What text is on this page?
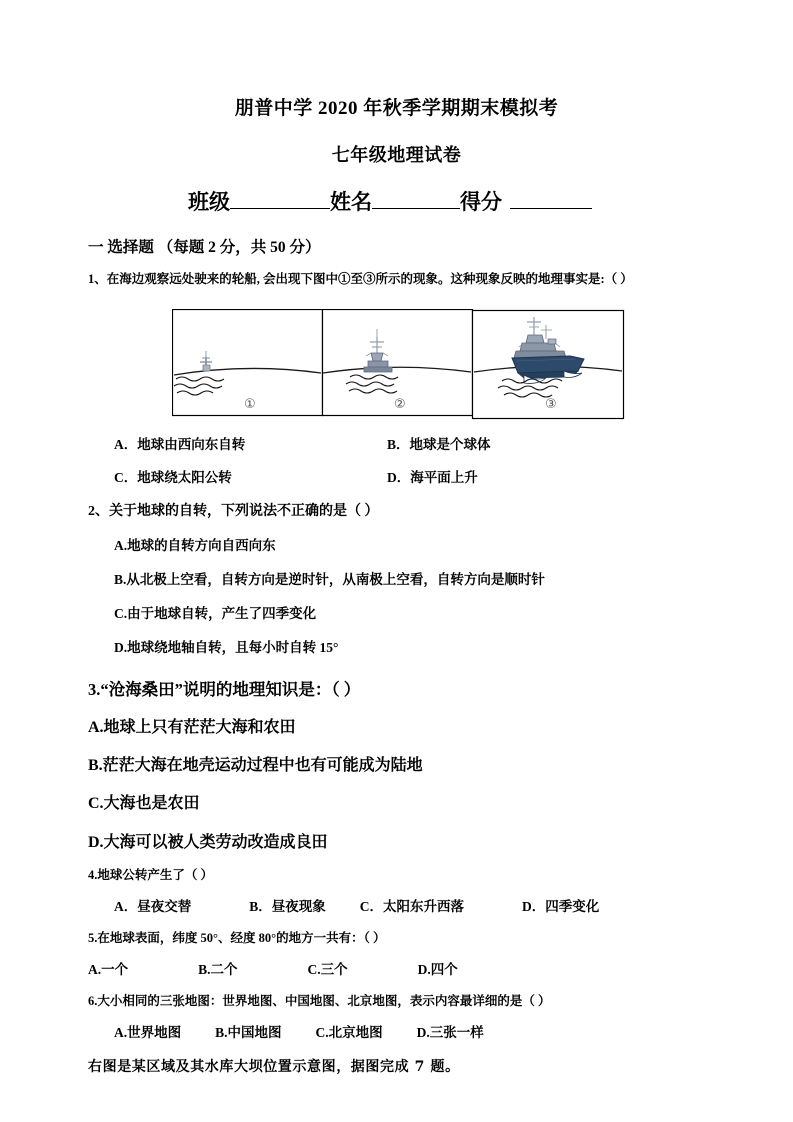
朋普中学 2020 年秋季学期期末模拟考
七年级地理试卷
班级	姓名	得分
一 选择题 （每题 2 分，共 50 分）
1、在海边观察远处驶来的轮船, 会出现下图中①至③所示的现象。这种现象反映的地理事实是:（ ）
①	②	③
A．地球由西向东自转	B．地球是个球体
C．地球绕太阳公转	D．海平面上升
2、关于地球的自转，下列说法不正确的是（ ）
A.地球的自转方向自西向东
B.从北极上空看，自转方向是逆时针，从南极上空看，自转方向是顺时针
C.由于地球自转，产生了四季变化
D.地球绕地轴自转，且每小时自转 15°
3.“沧海桑田”说明的地理知识是：（ ）
A.地球上只有茫茫大海和农田
B.茫茫大海在地壳运动过程中也有可能成为陆地
C.大海也是农田
D.大海可以被人类劳动改造成良田
4.地球公转产生了（ ）
A．昼夜交替	B．昼夜现象	C．太阳东升西落	D．四季变化
5.在地球表面，纬度 50°、经度 80°的地方一共有：（ ）
A.一个	B.二个	C.三个	D.四个
6.大小相同的三张地图：世界地图、中国地图、北京地图，表示内容最详细的是（ ）
A.世界地图	B.中国地图	C.北京地图	D.三张一样
右图是某区域及其水库大坝位置示意图，据图完成 7 题。
